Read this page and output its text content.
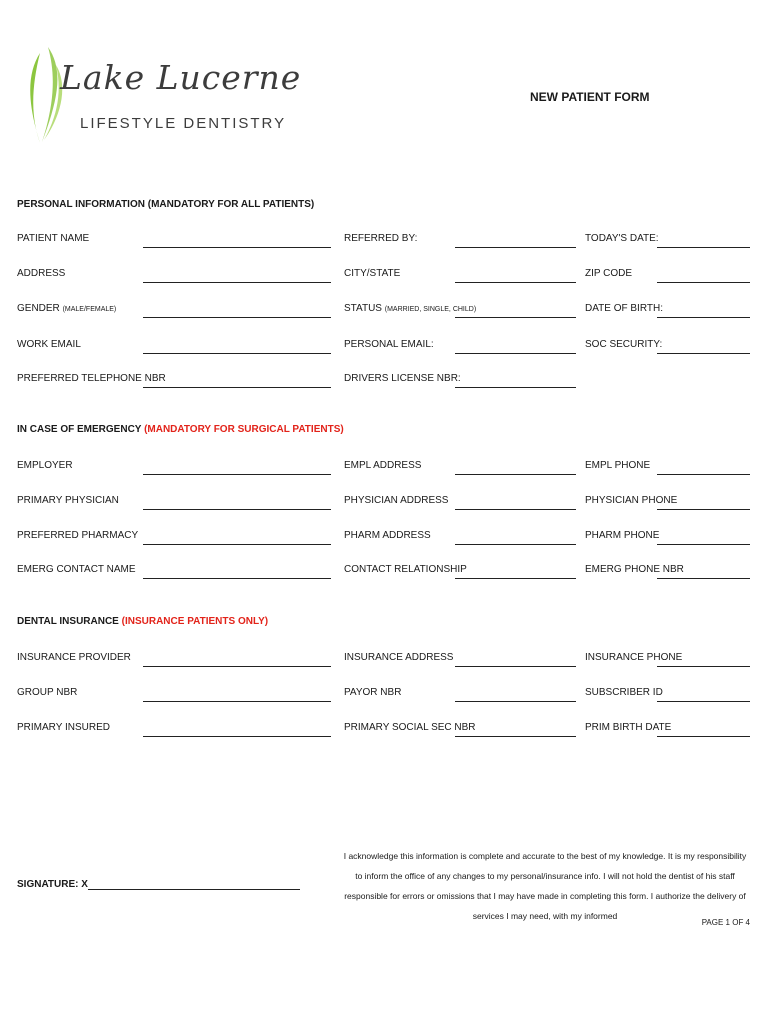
Lake Lucerne
LIFESTYLE DENTISTRY
NEW PATIENT FORM
PERSONAL INFORMATION (MANDATORY FOR ALL PATIENTS)
PATIENT NAME	REFERRED BY:	TODAY'S DATE:
ADDRESS	CITY/STATE	ZIP CODE
GENDER (MALE/FEMALE)	STATUS (MARRIED, SINGLE, CHILD)	DATE OF BIRTH:
WORK EMAIL	PERSONAL EMAIL:	SOC SECURITY:
PREFERRED TELEPHONE NBR	DRIVERS LICENSE NBR:
IN CASE OF EMERGENCY (MANDATORY FOR SURGICAL PATIENTS)
EMPLOYER	EMPL ADDRESS	EMPL PHONE
PRIMARY PHYSICIAN	PHYSICIAN ADDRESS	PHYSICIAN PHONE
PREFERRED PHARMACY	PHARM ADDRESS	PHARM PHONE
EMERG CONTACT NAME	CONTACT RELATIONSHIP	EMERG PHONE NBR
DENTAL INSURANCE (INSURANCE PATIENTS ONLY)
INSURANCE PROVIDER	INSURANCE ADDRESS	INSURANCE PHONE
GROUP NBR	PAYOR NBR	SUBSCRIBER ID
PRIMARY INSURED	PRIMARY SOCIAL SEC NBR	PRIM BIRTH DATE
SIGNATURE: X
I acknowledge this information is complete and accurate to the best of my knowledge. It is my responsibility to inform the office of any changes to my personal/insurance info. I will not hold the dentist of his staff responsible for errors or omissions that I may have made in completing this form. I authorize the delivery of services I may need, with my informed
PAGE 1 OF 4
